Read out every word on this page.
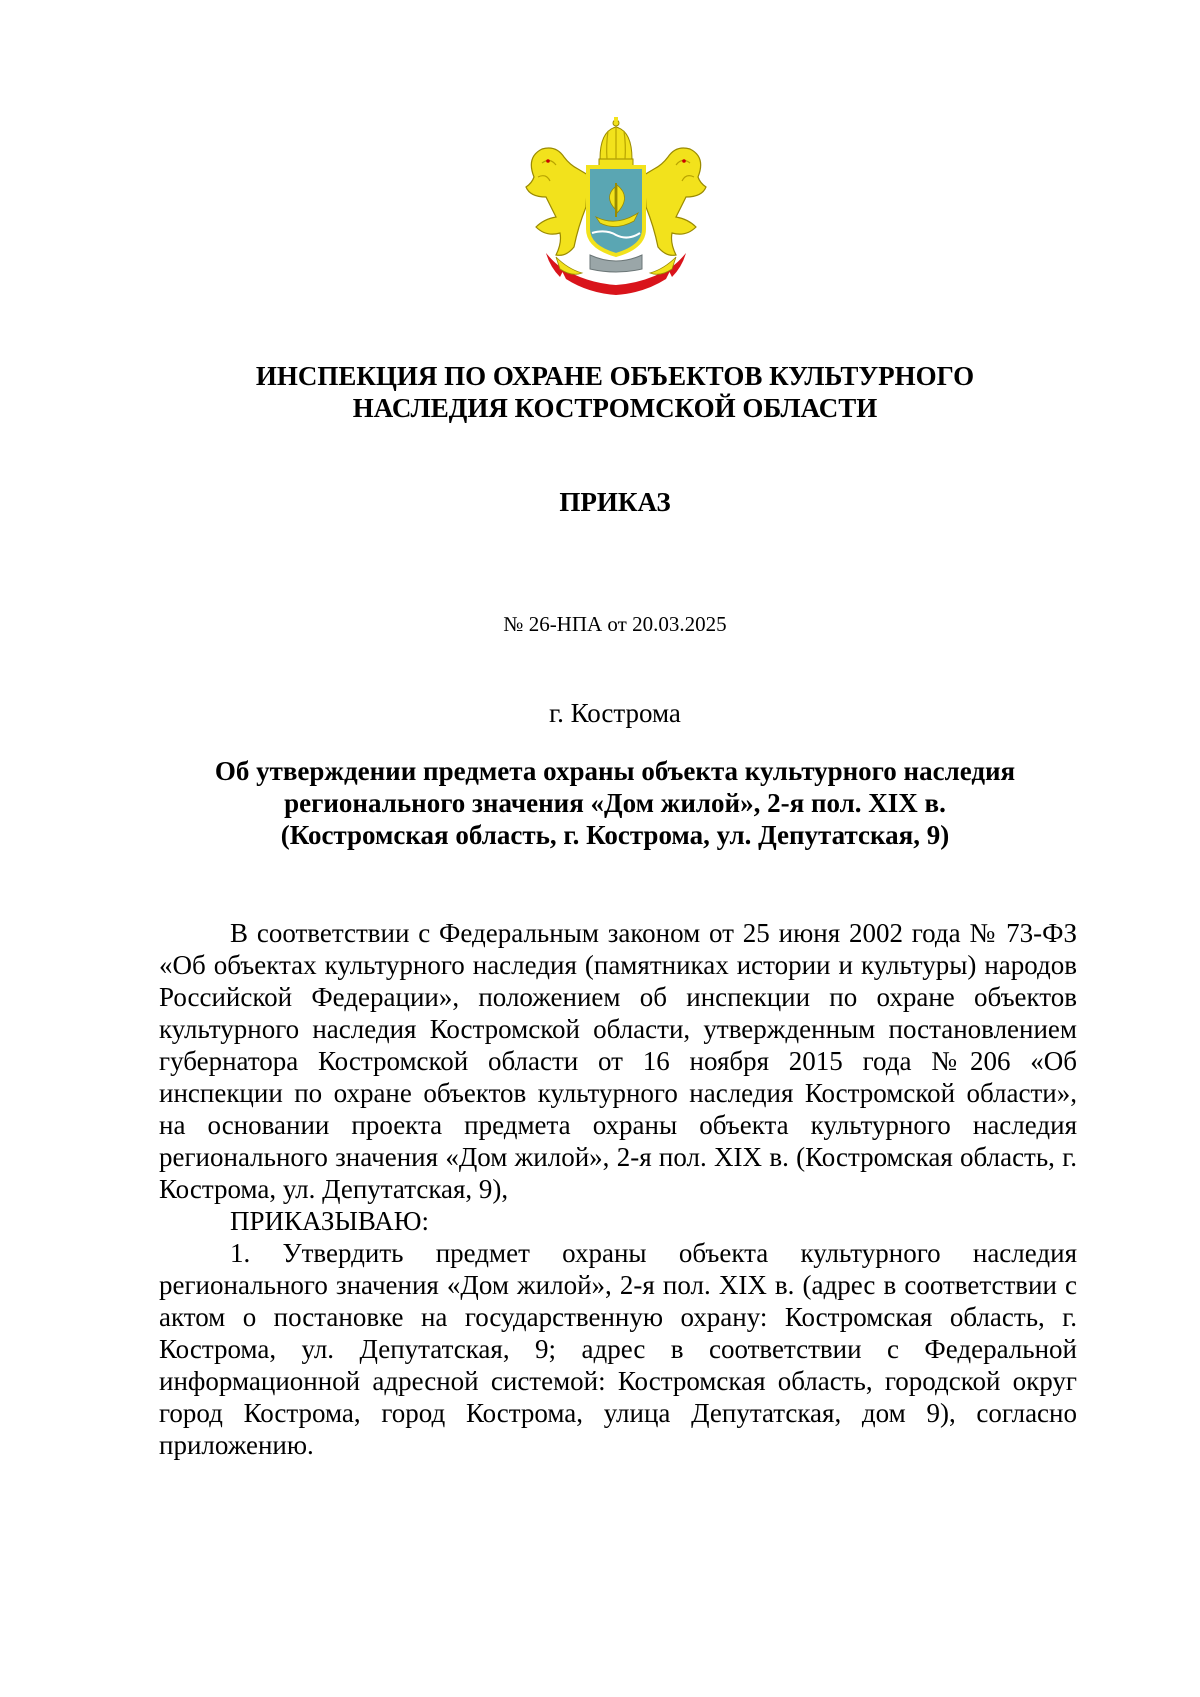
ИНСПЕКЦИЯ ПО ОХРАНЕ ОБЪЕКТОВ КУЛЬТУРНОГО
НАСЛЕДИЯ КОСТРОМСКОЙ ОБЛАСТИ
ПРИКАЗ
№ 26-НПА от 20.03.2025
г. Кострома
Об утверждении предмета охраны объекта культурного наследия
регионального значения «Дом жилой», 2-я пол. XIX в.
(Костромская область, г. Кострома, ул. Депутатская, 9)

В соответствии с Федеральным законом от 25 июня 2002 года № 73-ФЗ «Об объектах культурного наследия (памятниках истории и культуры) народов Российской Федерации», положением об инспекции по охране объектов культурного наследия Костромской области, утвержденным постановлением губернатора Костромской области от 16 ноября 2015 года №206 «Об инспекции по охране объектов культурного наследия Костромской области», на основании проекта предмета охраны объекта культурного наследия регионального значения «Дом жилой», 2-я пол. XIX в. (Костромская область, г. Кострома, ул. Депутатская, 9),

ПРИКАЗЫВАЮ:

1. Утвердить предмет охраны объекта культурного наследия регионального значения «Дом жилой», 2-я пол. XIX в. (адрес в соответствии с актом о постановке на государственную охрану: Костромская область, г. Кострома, ул. Депутатская, 9; адрес в соответствии с Федеральной информационной адресной системой: Костромская область, городской округ город Кострома, город Кострома, улица Депутатская, дом 9), согласно приложению.
